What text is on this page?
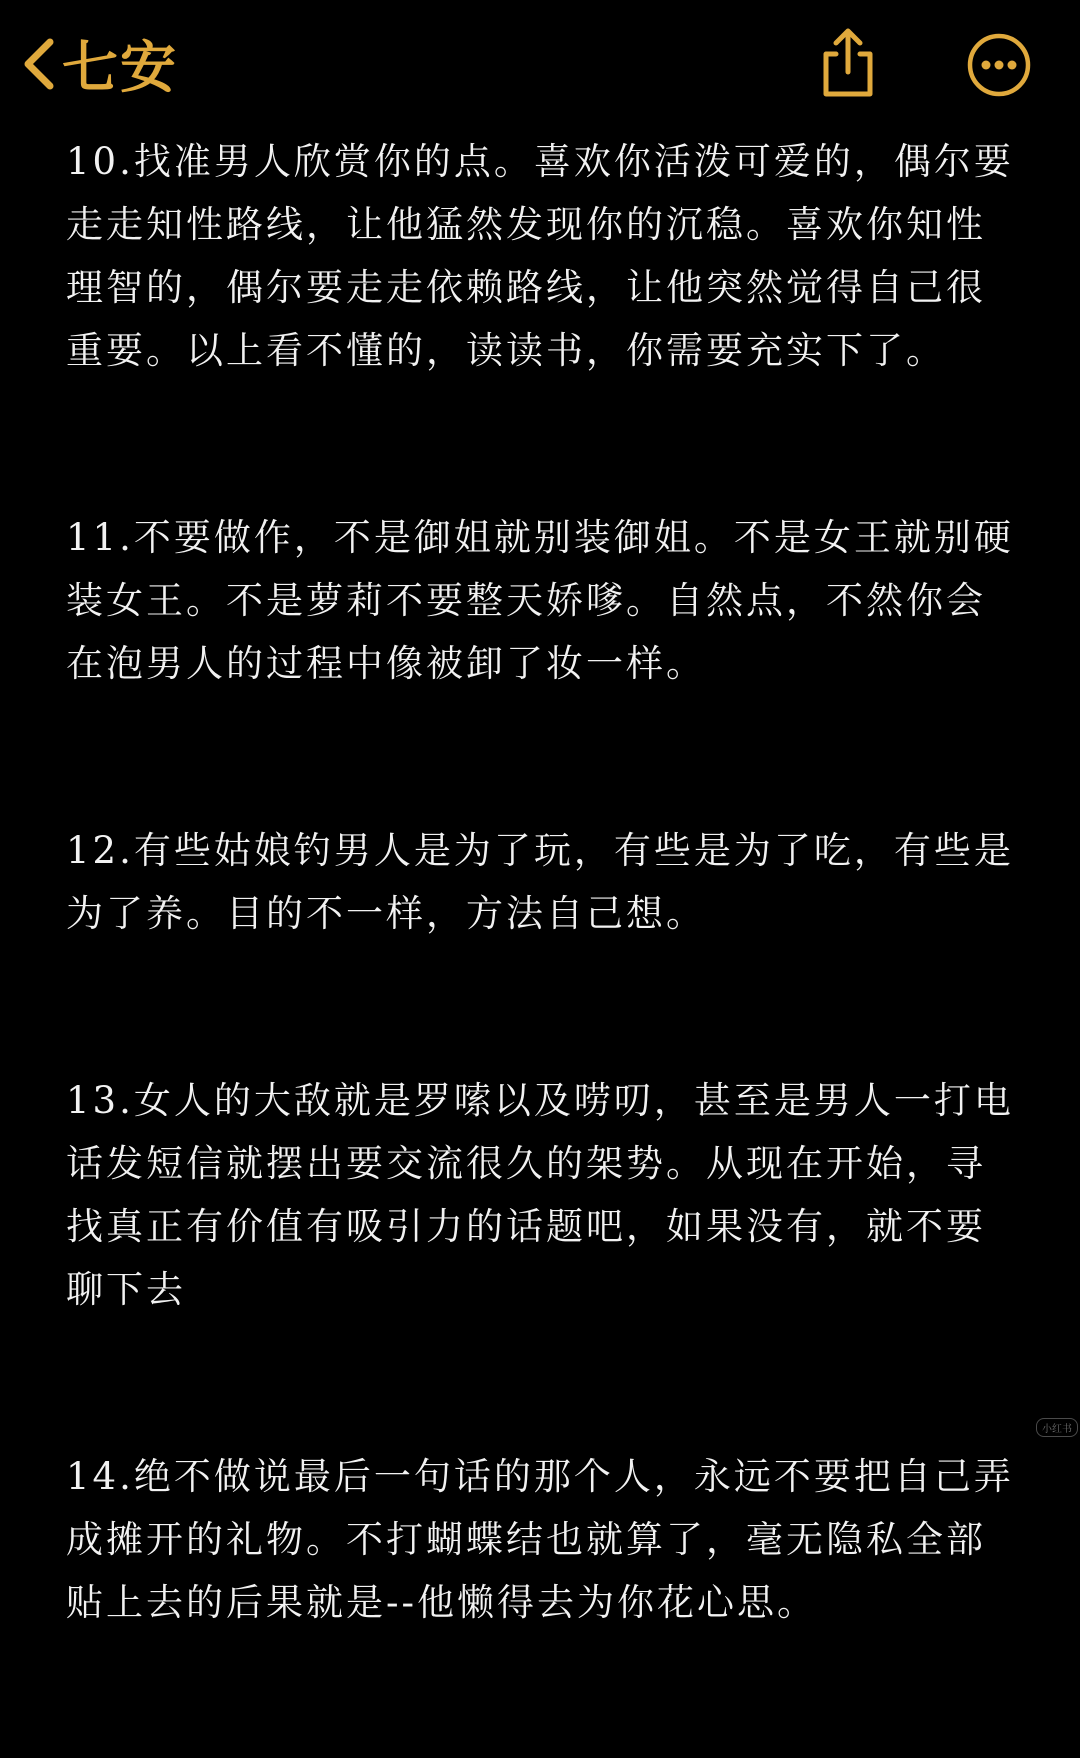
七安

10.找准男人欣赏你的点。喜欢你活泼可爱的，偶尔要走走知性路线，让他猛然发现你的沉稳。喜欢你知性理智的，偶尔要走走依赖路线，让他突然觉得自己很重要。以上看不懂的，读读书，你需要充实下了。

11.不要做作，不是御姐就别装御姐。不是女王就别硬装女王。不是萝莉不要整天娇嗲。自然点，不然你会在泡男人的过程中像被卸了妆一样。

12.有些姑娘钓男人是为了玩，有些是为了吃，有些是为了养。目的不一样，方法自己想。

13.女人的大敌就是罗嗦以及唠叨，甚至是男人一打电话发短信就摆出要交流很久的架势。从现在开始，寻找真正有价值有吸引力的话题吧，如果没有，就不要聊下去

14.绝不做说最后一句话的那个人，永远不要把自己弄成摊开的礼物。不打蝴蝶结也就算了，毫无隐私全部贴上去的后果就是--他懒得去为你花心思。

小红书
